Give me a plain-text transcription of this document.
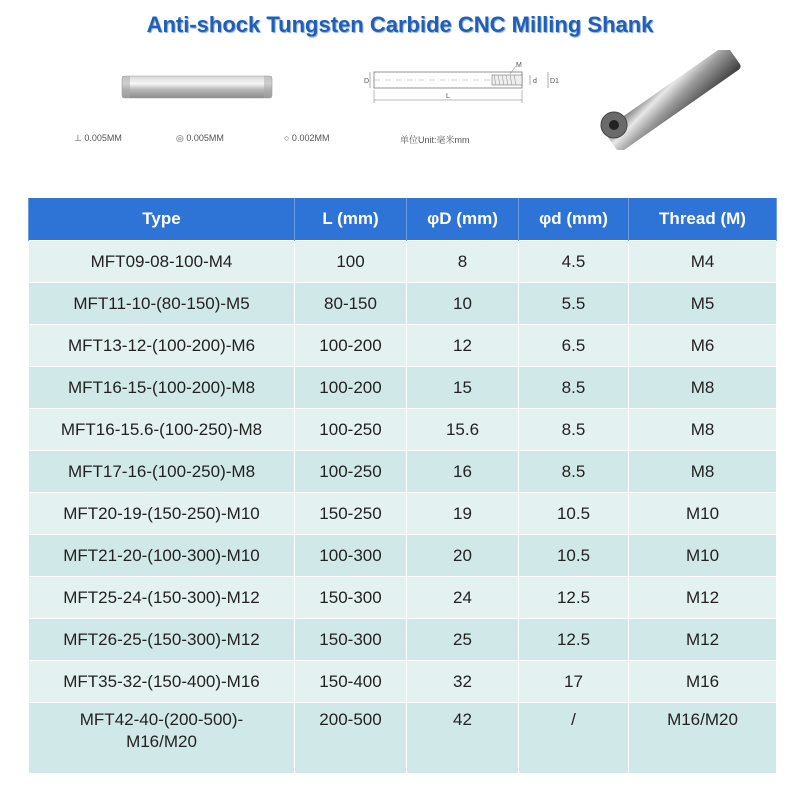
Anti-shock Tungsten Carbide CNC Milling Shank
D
L
M
d D1
⊥ 0.005MM	◎ 0.005MM	○ 0.002MM	单位Unit:毫米mm
Type	L (mm)	φD (mm)	φd (mm)	Thread (M)
MFT09-08-100-M4	100	8	4.5	M4
MFT11-10-(80-150)-M5	80-150	10	5.5	M5
MFT13-12-(100-200)-M6	100-200	12	6.5	M6
MFT16-15-(100-200)-M8	100-200	15	8.5	M8
MFT16-15.6-(100-250)-M8	100-250	15.6	8.5	M8
MFT17-16-(100-250)-M8	100-250	16	8.5	M8
MFT20-19-(150-250)-M10	150-250	19	10.5	M10
MFT21-20-(100-300)-M10	100-300	20	10.5	M10
MFT25-24-(150-300)-M12	150-300	24	12.5	M12
MFT26-25-(150-300)-M12	150-300	25	12.5	M12
MFT35-32-(150-400)-M16	150-400	32	17	M16
MFT42-40-(200-500)-M16/M20	200-500	42	/	M16/M20
